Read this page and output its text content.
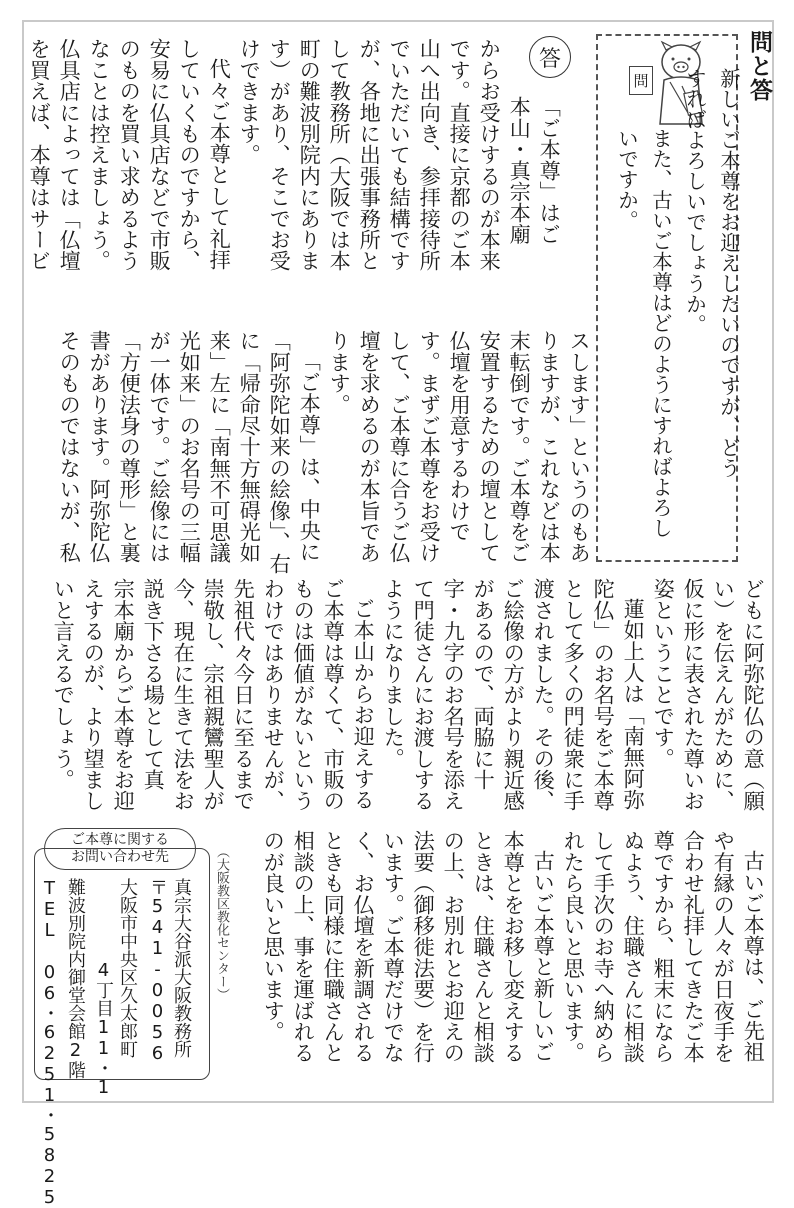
問と答
問	新しいご本尊をお迎えしたいのですが、どう
すればよろしいでしょうか。
また、古いご本尊はどのようにすればよろし
いですか。
答
「ご本尊」はご
本山・真宗本廟
からお受けするのが本来
です。直接に京都のご本
山へ出向き、参拝接待所
でいただいても結構です
が、各地に出張事務所と
して教務所（大阪では本
町の難波別院内にありま
す）があり、そこでお受
けできます。
代々ご本尊として礼拝
していくものですから、
安易に仏具店などで市販
のものを買い求めるよう
なことは控えましょう。
仏具店によっては「仏壇
を買えば、本尊はサービ
スします」というのもあ
りますが、これなどは本
末転倒です。ご本尊をご
安置するための壇として
仏壇を用意するわけで
す。まずご本尊をお受け
して、ご本尊に合うご仏
壇を求めるのが本旨であ
ります。
「ご本尊」は、中央に
「阿弥陀如来の絵像」、右
に「帰命尽十方無碍光如
来」左に「南無不可思議
光如来」のお名号の三幅
が一体です。ご絵像には
「方便法身の尊形」と裏
書があります。阿弥陀仏
そのものではないが、私
どもに阿弥陀仏の意（願
い）を伝えんがために、
仮に形に表された尊いお
姿ということです。
蓮如上人は「南無阿弥
陀仏」のお名号をご本尊
として多くの門徒衆に手
渡されました。その後、
ご絵像の方がより親近感
があるので、両脇に十
字・九字のお名号を添え
て門徒さんにお渡しする
ようになりました。
ご本山からお迎えする
ご本尊は尊くて、市販の
ものは価値がないという
わけではありませんが、
先祖代々今日に至るまで
崇敬し、宗祖親鸞聖人が
今、現在に生きて法をお
説き下さる場として真
宗本廟からご本尊をお迎
えするのが、より望まし
いと言えるでしょう。
古いご本尊は、ご先祖
や有縁の人々が日夜手を
合わせ礼拝してきたご本
尊ですから、粗末になら
ぬよう、住職さんに相談
して手次のお寺へ納めら
れたら良いと思います。
古いご本尊と新しいご
本尊とをお移し変えする
ときは、住職さんと相談
の上、お別れとお迎えの
法要（御移徙法要）を行
います。ご本尊だけでな
く、お仏壇を新調される
ときも同様に住職さんと
相談の上、事を運ばれる
のが良いと思います。
（大阪教区教化センター）
ご本尊に関する
お問い合わせ先
真宗大谷派大阪教務所
〒541-0056
大阪市中央区久太郎町
4丁目11・1
難波別院内御堂会館2階
TEL 06・6251・5825
